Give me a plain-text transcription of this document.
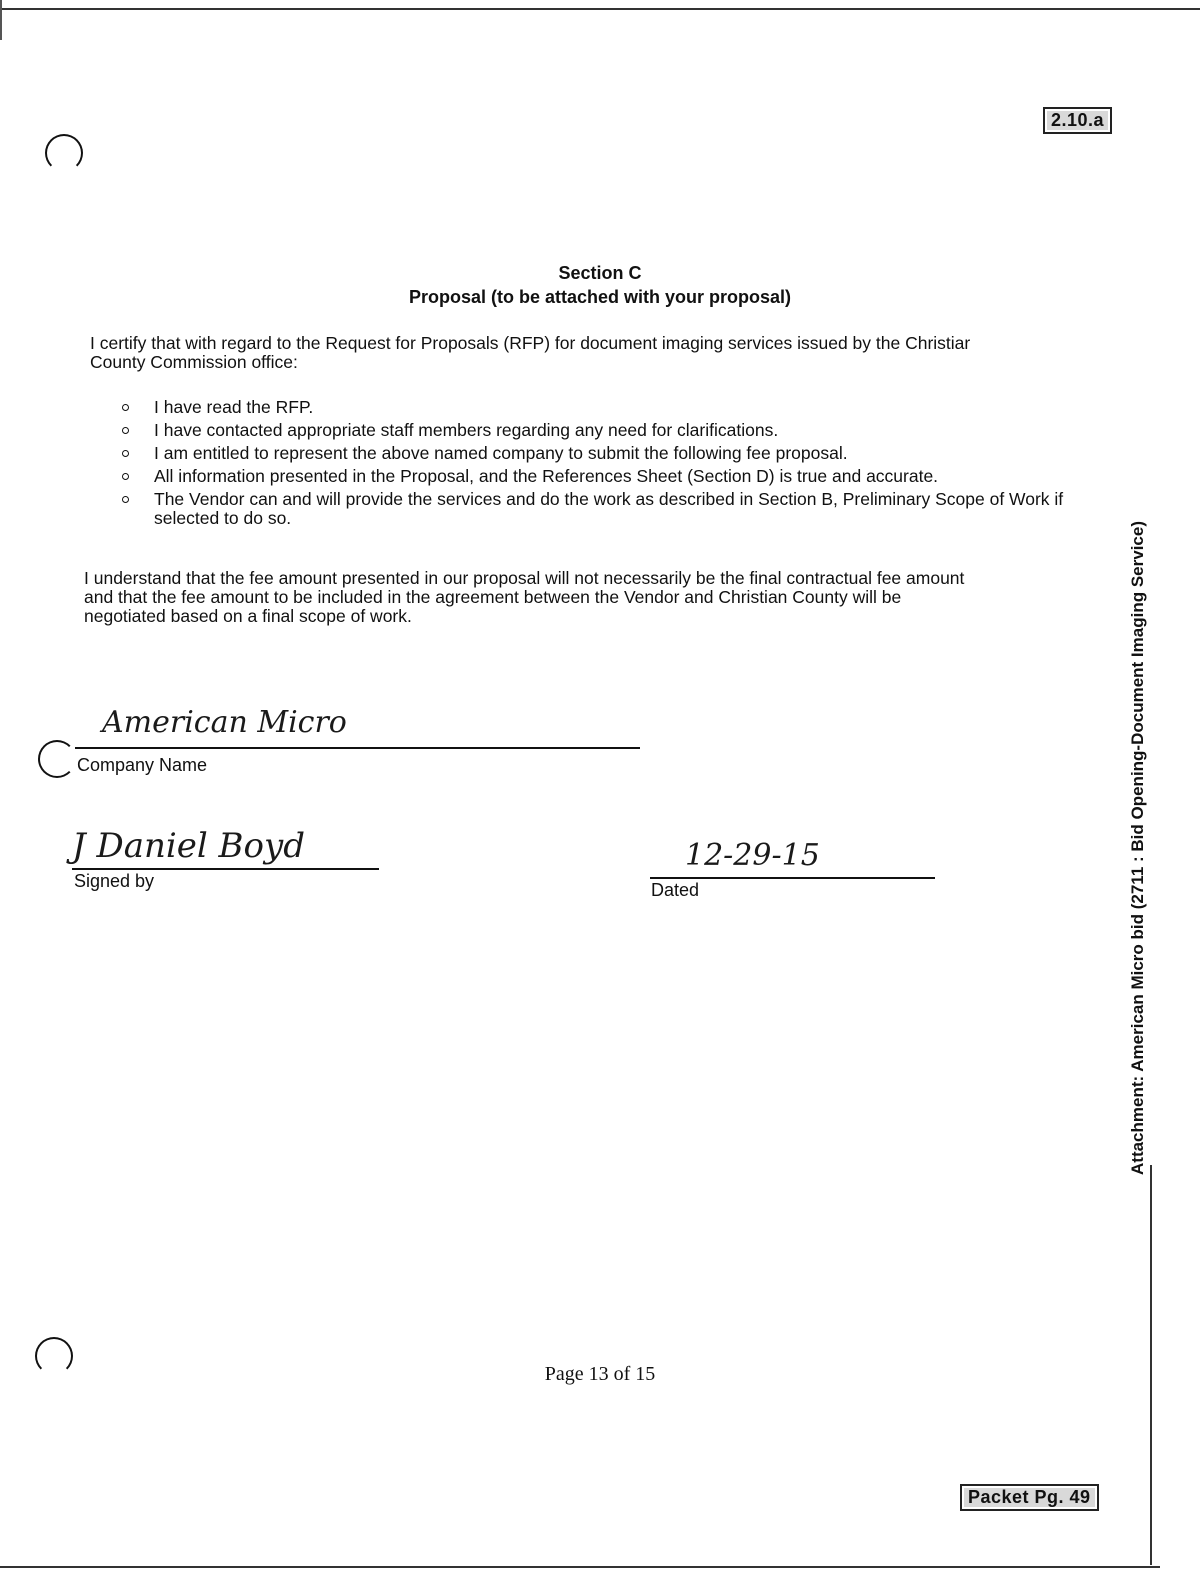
2.10.a
Section C
Proposal (to be attached with your proposal)
I certify that with regard to the Request for Proposals (RFP) for document imaging services issued by the Christiar
County Commission office:
I have read the RFP.
I have contacted appropriate staff members regarding any need for clarifications.
I am entitled to represent the above named company to submit the following fee proposal.
All information presented in the Proposal, and the References Sheet (Section D) is true and accurate.
The Vendor can and will provide the services and do the work as described in Section B, Preliminary Scope of Work if selected to do so.
I understand that the fee amount presented in our proposal will not necessarily be the final contractual fee amount
and that the fee amount to be included in the agreement between the Vendor and Christian County will be
negotiated based on a final scope of work.
American Micro
Company Name
J Daniel Boyd
Signed by
12-29-15
Dated	Attachment: American Micro bid (2711 : Bid Opening-Document Imaging Service)
Page 13 of 15
Packet Pg. 49
